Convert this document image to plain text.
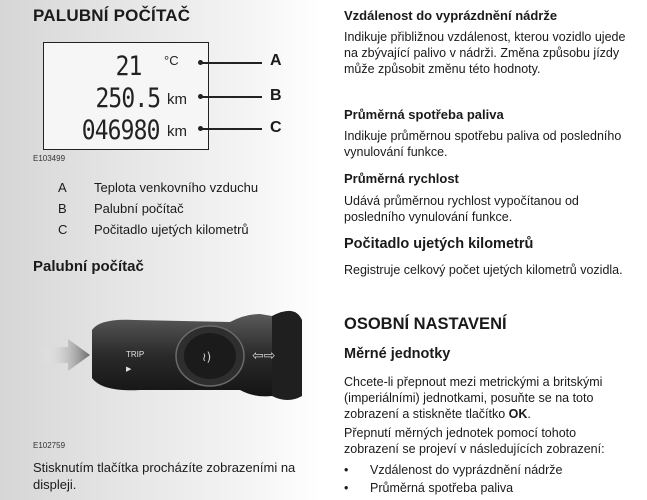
PALUBNÍ POČÍTAČ
21 °C
250.5 km
046980 km
A
B
C
E103499
A	Teplota venkovního vzduchu
B	Palubní počítač
C	Počitadlo ujetých kilometrů
Palubní počítač
TRIP
▶
≀)	⇦⇨
E102759
Stisknutím tlačítka procházíte zobrazeními na displeji.
Vzdálenost do vyprázdnění nádrže
Indikuje přibližnou vzdálenost, kterou vozidlo ujede na zbývající palivo v nádrži. Změna způsobu jízdy může způsobit změnu této hodnoty.
Průměrná spotřeba paliva
Indikuje průměrnou spotřebu paliva od posledního vynulování funkce.
Průměrná rychlost
Udává průměrnou rychlost vypočítanou od posledního vynulování funkce.
Počitadlo ujetých kilometrů
Registruje celkový počet ujetých kilometrů vozidla.
OSOBNÍ NASTAVENÍ
Měrné jednotky
Chcete-li přepnout mezi metrickými a britskými (imperiálními) jednotkami, posuňte se na toto zobrazení a stiskněte tlačítko OK.
Přepnutí měrných jednotek pomocí tohoto zobrazení se projeví v následujících zobrazení:
•	Vzdálenost do vyprázdnění nádrže
•	Průměrná spotřeba paliva
